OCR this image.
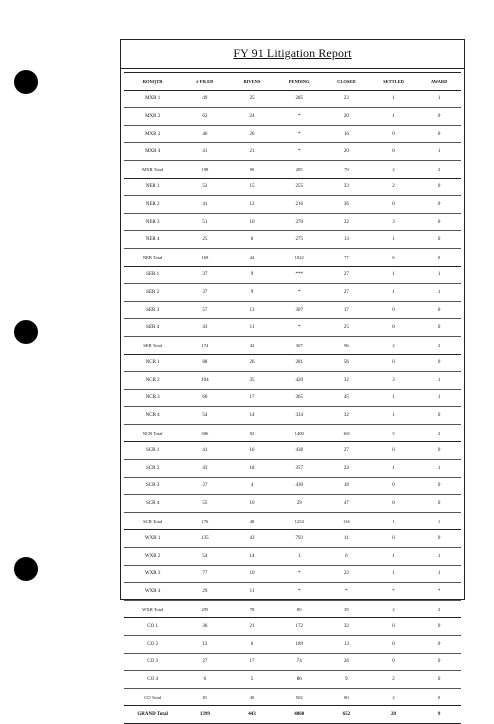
FY 91 Litigation Report
RONQTR	# FILED	BIVENS	PENDING	CLOSED	SETTLED	AWARD
MXR 1	49	25	285	23	1	1
MXR 2	62	24	*	20	1	0
MXR 3	46	20	*	16	0	0
MXR 4	41	21	*	20	0	1
MXR Total	198	90	285	79	2	2
NER 1	52	15	255	33	2	0
NER 2	41	13	216	36	0	0
NER 3	51	10	270	32	3	0
NER 4	25	6	275	13	1	0
NER Total	169	44	1022	77	6	0
SER 1	37	9	***	27	1	1
SER 2	37	9	*	27	1	1
SER 3	57	13	307	17	0	0
SER 4	43	11	*	25	0	0
SER Total	174	42	307	96	2	2
NCR 1	88	26	281	56	0	0
NCR 2	104	35	420	32	3	1
NCR 3	60	17	365	45	1	1
NCR 4	54	14	334	32	1	0
NCR Total	306	92	1400	165	5	2
SCR 1	41	16	438	27	0	0
SCR 2	43	18	357	24	1	1
SCR 3	37	4	430	18	0	0
SCR 4	55	10	29	47	0	0
SCR Total	176	48	1254	116	1	1
WXR 1	135	43	793	11	0	0
WXR 2	54	14	1	6	1	1
WXR 3	77	10	*	22	1	1
WXR 4	29	11	*	*	*	*
WXR Total	295	78	80	39	2	2
CO 1	36	21	172	32	0	0
CO 2	12	6	189	13	0	0
CO 3	27	17	74	26	0	0
CO 4	6	5	86	9	2	0
CO Total	81	49	502	80	2	0
GRAND Total	1399	443	4868	652	20	9
